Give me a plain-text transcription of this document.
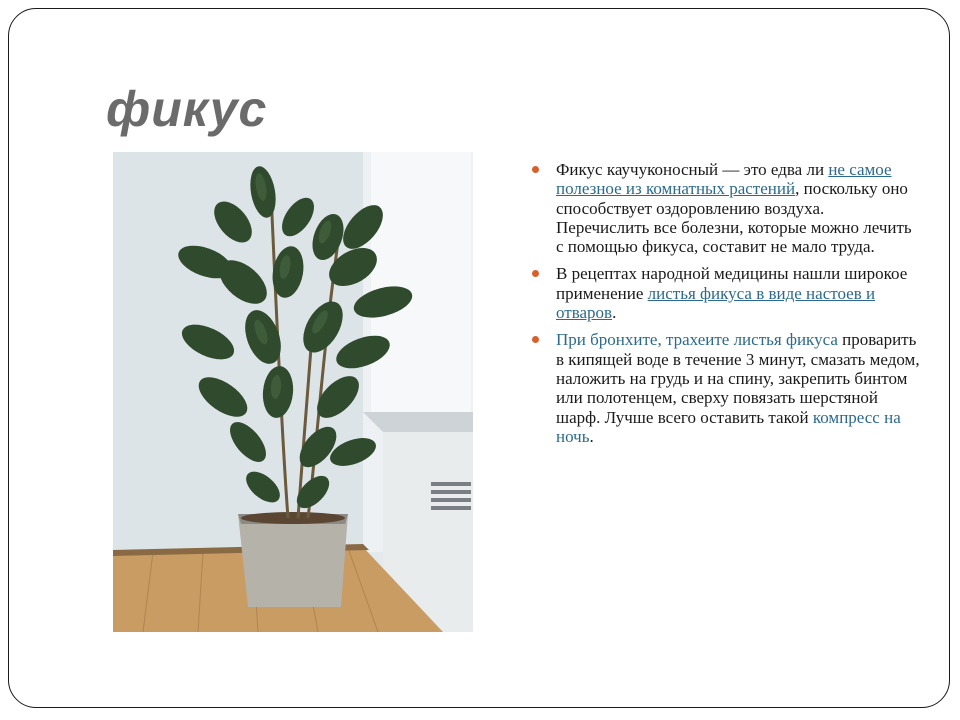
фикус
Фикус каучуконосный — это едва ли не самое полезное из комнатных растений, поскольку оно способствует оздоровлению воздуха. Перечислить все болезни, которые можно лечить с помощью фикуса, составит не мало труда.
В рецептах народной медицины нашли широкое применение листья фикуса в виде настоев и отваров.
При бронхите, трахеите листья фикуса проварить в кипящей воде в течение 3 минут, смазать медом, наложить на грудь и на спину, закрепить бинтом или полотенцем, сверху повязать шерстяной шарф. Лучше всего оставить такой компресс на ночь.
